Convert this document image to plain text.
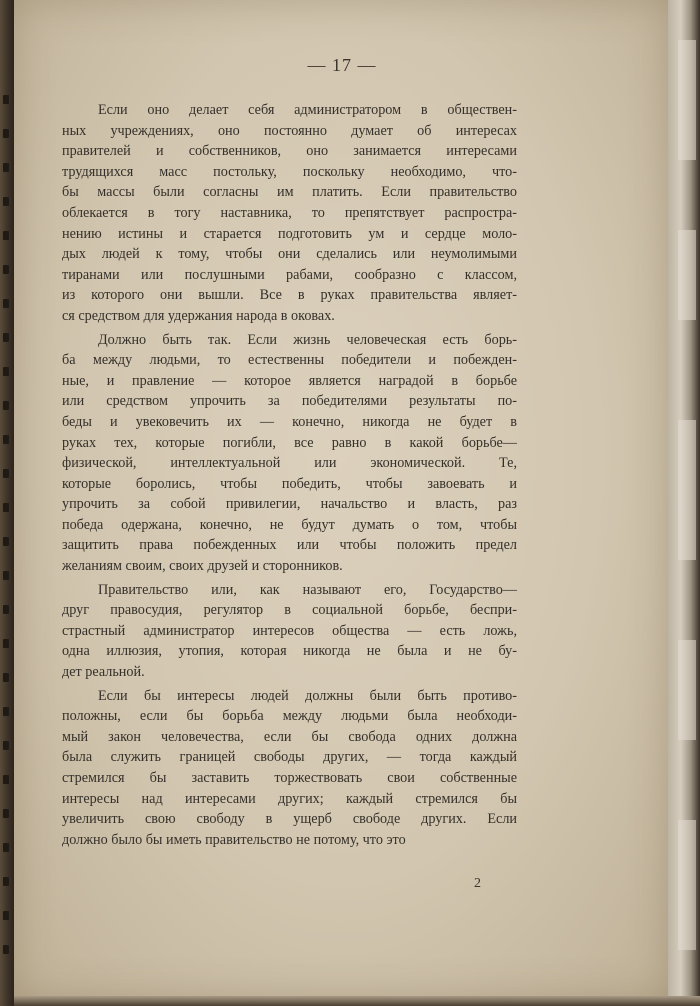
— 17 —
Если оно делает себя администратором в обществен-
ных учреждениях, оно постоянно думает об интересах
правителей и собственников, оно занимается интересами
трудящихся масс постольку, поскольку необходимо, что-
бы массы были согласны им платить. Если правительство
облекается в тогу наставника, то препятствует распростра-
нению истины и старается подготовить ум и сердце моло-
дых людей к тому, чтобы они сделались или неумолимыми
тиранами или послушными рабами, сообразно с классом,
из которого они вышли. Все в руках правительства являет-
ся средством для удержания народа в оковах.
Должно быть так. Если жизнь человеческая есть борь-
ба между людьми, то естественны победители и побежден-
ные, и правление — которое является наградой в борьбе
или средством упрочить за победителями результаты по-
беды и увековечить их — конечно, никогда не будет в
руках тех, которые погибли, все равно в какой борьбе—
физической, интеллектуальной или экономической. Те,
которые боролись, чтобы победить, чтобы завоевать и
упрочить за собой привилегии, начальство и власть, раз
победа одержана, конечно, не будут думать о том, чтобы
защитить права побежденных или чтобы положить предел
желаниям своим, своих друзей и сторонников.
Правительство или, как называют его, Государство—
друг правосудия, регулятор в социальной борьбе, беспри-
страстный администратор интересов общества — есть ложь,
одна иллюзия, утопия, которая никогда не была и не бу-
дет реальной.
Если бы интересы людей должны были быть противо-
положны, если бы борьба между людьми была необходи-
мый закон человечества, если бы свобода одних должна
была служить границей свободы других, — тогда каждый
стремился бы заставить торжествовать свои собственные
интересы над интересами других; каждый стремился бы
увеличить свою свободу в ущерб свободе других. Если
должно было бы иметь правительство не потому, что это
2
